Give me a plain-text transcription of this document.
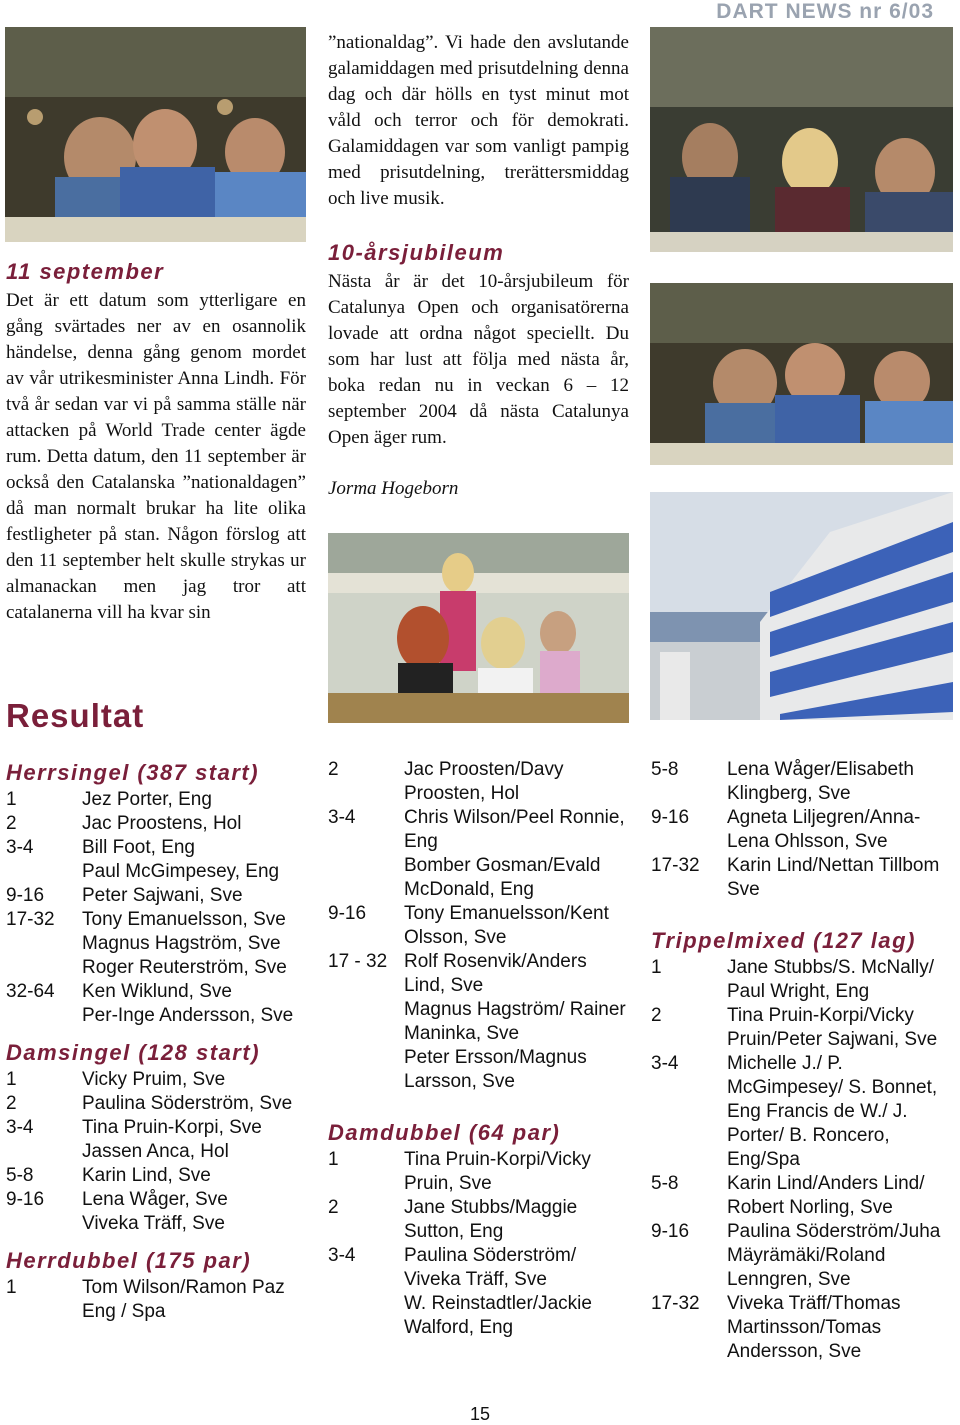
DART NEWS nr 6/03
”nationaldag”. Vi hade den avslutande galamiddagen med prisutdelning denna dag och där hölls en tyst minut mot våld och terror och för demokrati. Galamiddagen var som vanligt pampig med prisutdelning, trerättersmiddag och live musik.
11 september
Det är ett datum som ytterligare en gång svärtades ner av en osannolik händelse, denna gång genom mordet av vår utrikesminister Anna Lindh. För två år sedan var vi på samma ställe när attacken på World Trade center ägde rum. Detta datum, den 11 september är också den Catalanska ”nationaldagen” då man normalt brukar ha lite olika festligheter på stan. Någon förslog att den 11 september helt skulle strykas ur almanackan men jag tror att catalanerna vill ha kvar sin
10-årsjubileum
Nästa år är det 10-årsjubileum för Catalunya Open och organisatörerna lovade att ordna något speciellt. Du som har lust att följa med nästa år, boka redan nu in veckan 6 – 12 september 2004 då nästa Catalunya Open äger rum.
Jorma Hogeborn
Resultat
Herrsingel (387 start)
1	Jez Porter, Eng
2	Jac Proostens, Hol
3-4	Bill Foot, Eng
Paul McGimpesey, Eng
9-16	Peter Sajwani, Sve
17-32	Tony Emanuelsson, Sve
Magnus Hagström, Sve
Roger Reuterström, Sve
32-64	Ken Wiklund, Sve
Per-Inge Andersson, Sve
Damsingel (128 start)
1	Vicky Pruim, Sve
2	Paulina Söderström, Sve
3-4	Tina Pruin-Korpi, Sve
Jassen Anca, Hol
5-8	Karin Lind, Sve
9-16	Lena Wåger, Sve
Viveka Träff, Sve
Herrdubbel (175 par)
1	Tom Wilson/Ramon Paz Eng / Spa
2	Jac Proosten/Davy Proosten, Hol
3-4	Chris Wilson/Peel Ronnie, Eng
Bomber Gosman/Evald McDonald, Eng
9-16	Tony Emanuelsson/Kent Olsson, Sve
17 - 32 Rolf Rosenvik/Anders Lind, Sve
Magnus Hagström/ Rainer Maninka, Sve
Peter Ersson/Magnus Larsson, Sve
Damdubbel (64 par)
1	Tina Pruin-Korpi/Vicky Pruin, Sve
2	Jane Stubbs/Maggie Sutton, Eng
3-4	Paulina Söderström/ Viveka Träff, Sve
W. Reinstadtler/Jackie Walford, Eng
5-8	Lena Wåger/Elisabeth Klingberg, Sve
9-16	Agneta Liljegren/Anna-Lena Ohlsson, Sve
17-32	Karin Lind/Nettan Tillbom Sve
Trippelmixed (127 lag)
1	Jane Stubbs/S. McNally/ Paul Wright, Eng
2	Tina Pruin-Korpi/Vicky Pruin/Peter Sajwani, Sve
3-4	Michelle J./ P. McGimpesey/ S. Bonnet, Eng Francis de W./ J. Porter/ B. Roncero, Eng/Spa
5-8	Karin Lind/Anders Lind/ Robert Norling, Sve
9-16	Paulina Söderström/Juha Mäyrämäki/Roland Lenngren, Sve
17-32	Viveka Träff/Thomas Martinsson/Tomas Andersson, Sve
15
